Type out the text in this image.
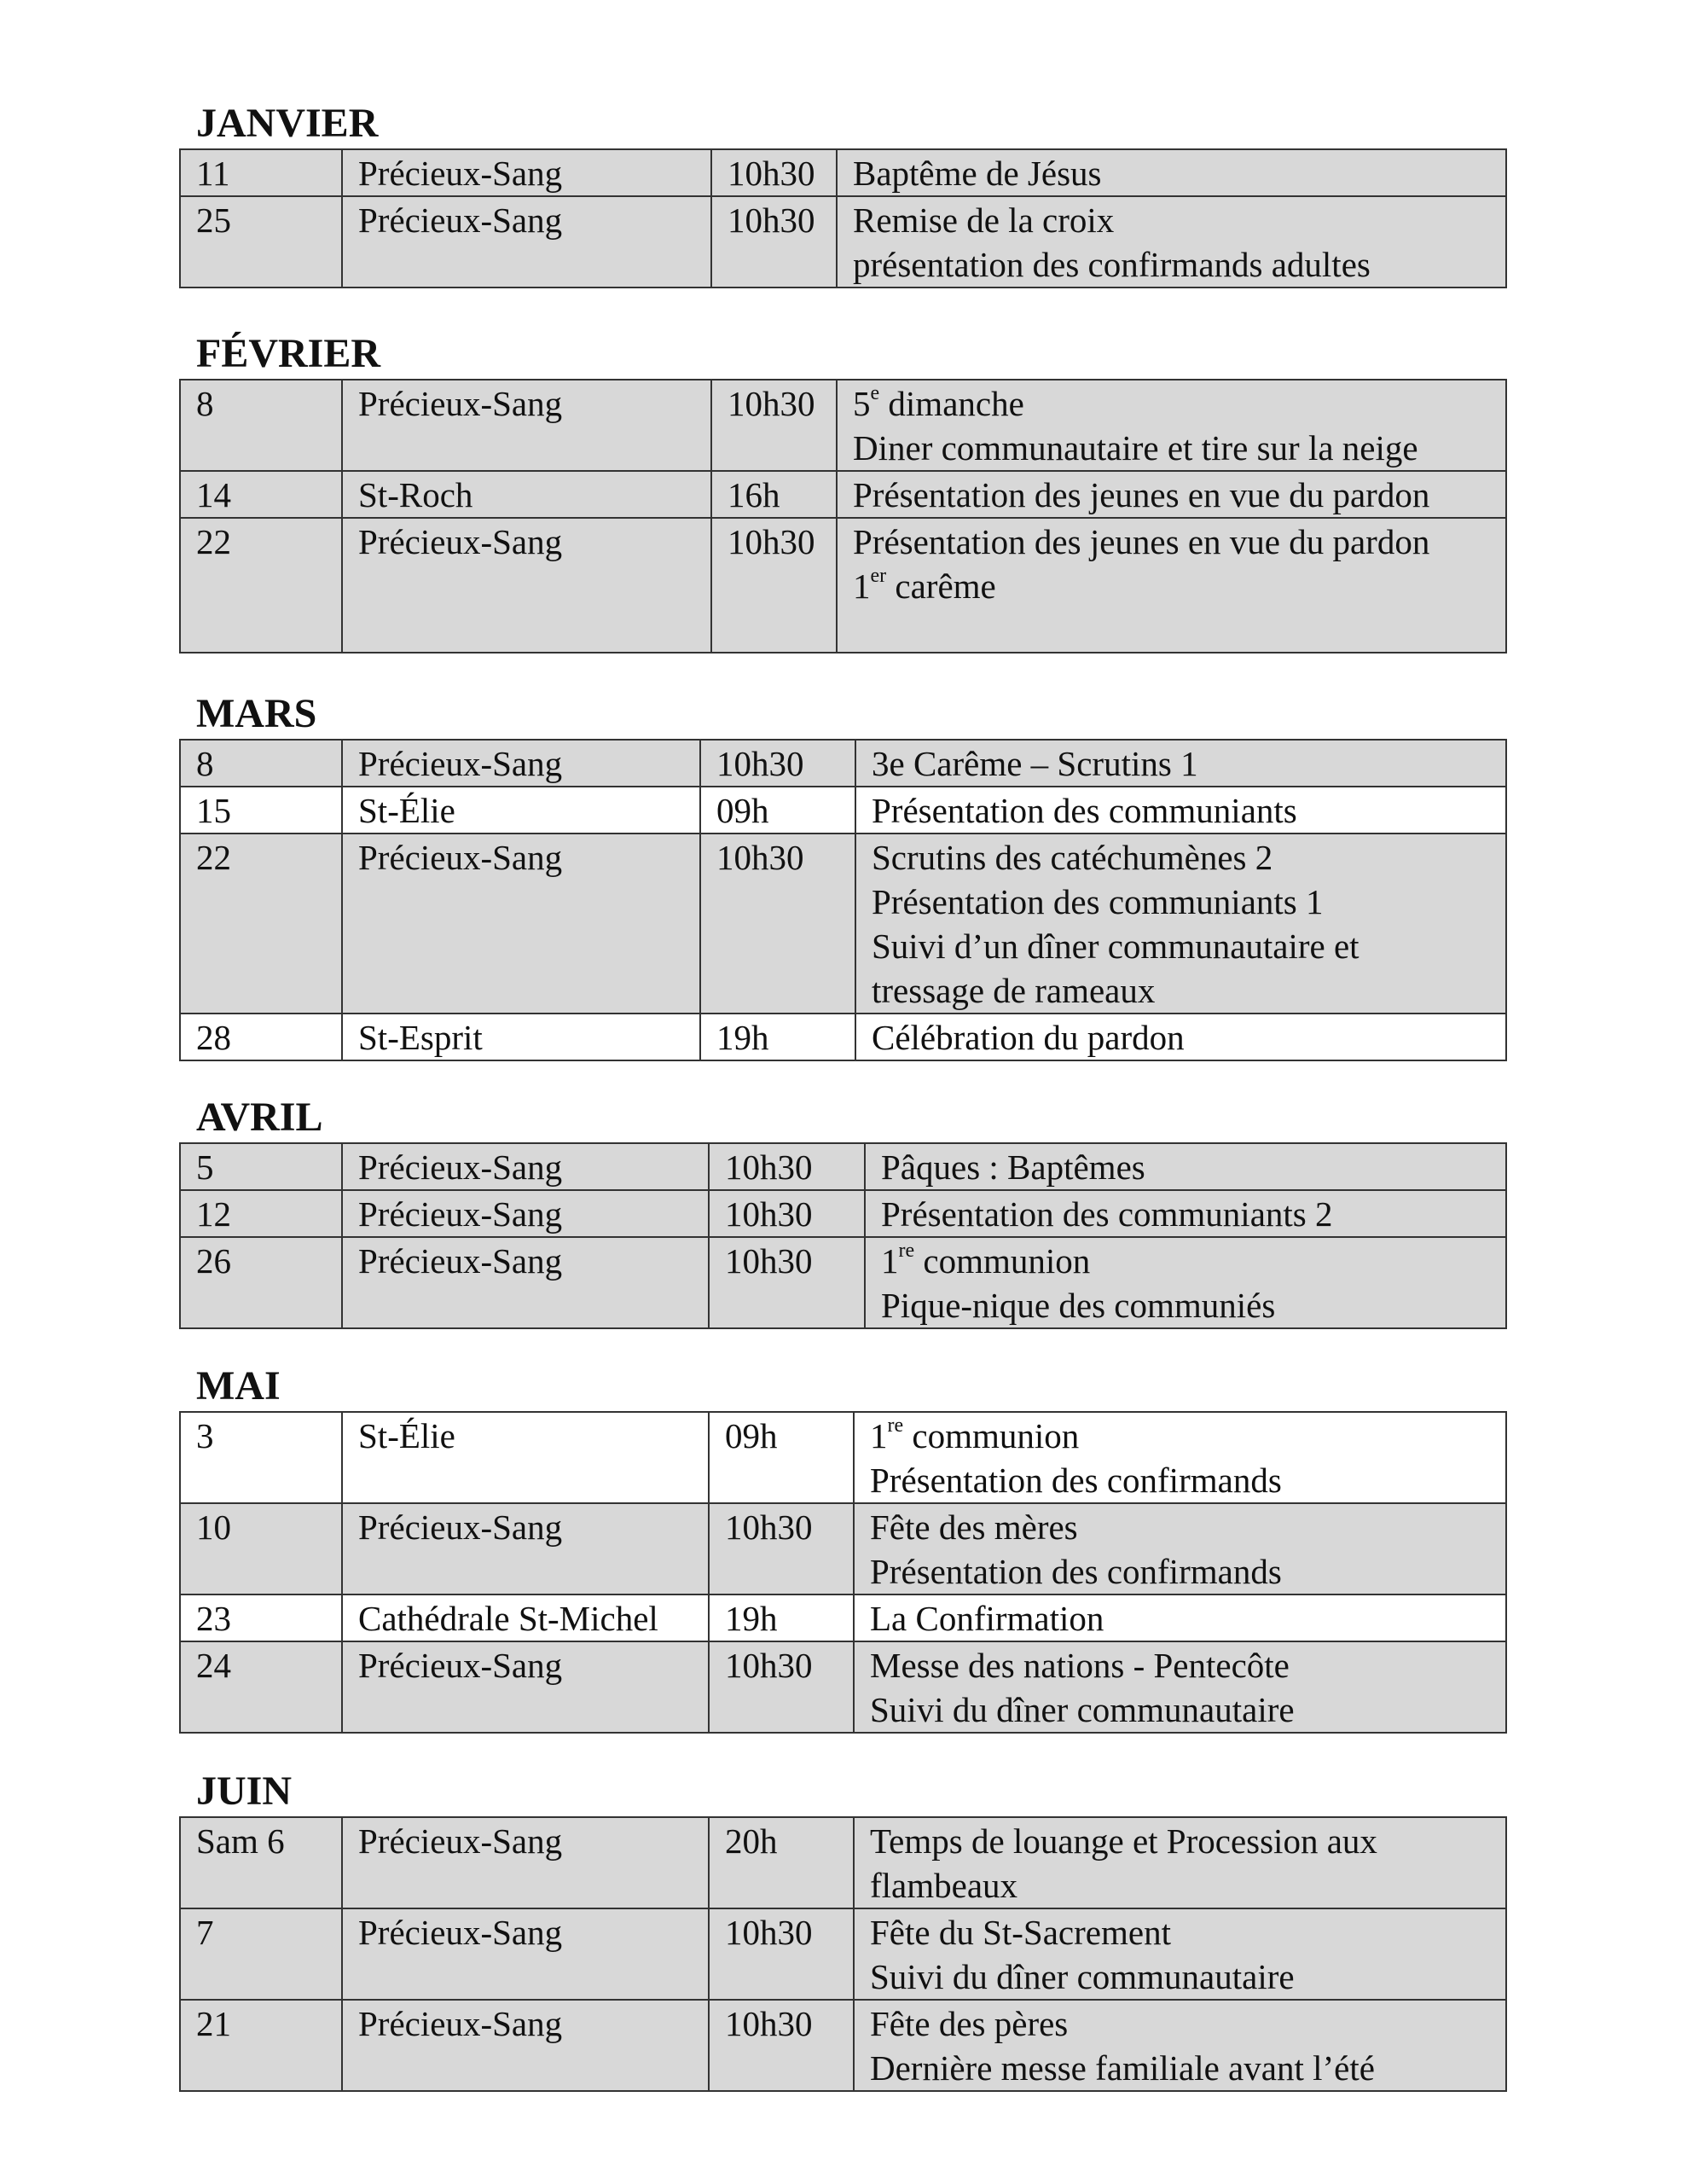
JANVIER
11	Précieux-Sang	10h30	Baptême de Jésus

25	Précieux-Sang	10h30	Remise de la croix
présentation des confirmands adultes
FÉVRIER
8	Précieux-Sang	10h30	5e dimanche
Diner communautaire et tire sur la neige

14	St-Roch	16h	Présentation des jeunes en vue du pardon

22	Précieux-Sang	10h30	Présentation des jeunes en vue du pardon
1er carême
MARS
8	Précieux-Sang	10h30	3e Carême – Scrutins 1

15	St-Élie	09h	Présentation des communiants

22	Précieux-Sang	10h30	Scrutins des catéchumènes 2
Présentation des communiants 1
Suivi d’un dîner communautaire et
tressage de rameaux

28	St-Esprit	19h	Célébration du pardon
AVRIL
5	Précieux-Sang	10h30	Pâques : Baptêmes

12	Précieux-Sang	10h30	Présentation des communiants 2

26	Précieux-Sang	10h30	1re communion
Pique-nique des communiés
MAI
3	St-Élie	09h	1re communion
Présentation des confirmands

10	Précieux-Sang	10h30	Fête des mères
Présentation des confirmands

23	Cathédrale St-Michel	19h	La Confirmation

24	Précieux-Sang	10h30	Messe des nations - Pentecôte
Suivi du dîner communautaire
JUIN
Sam 6	Précieux-Sang	20h	Temps de louange et Procession aux
flambeaux

7	Précieux-Sang	10h30	Fête du St-Sacrement
Suivi du dîner communautaire

21	Précieux-Sang	10h30	Fête des pères
Dernière messe familiale avant l’été
